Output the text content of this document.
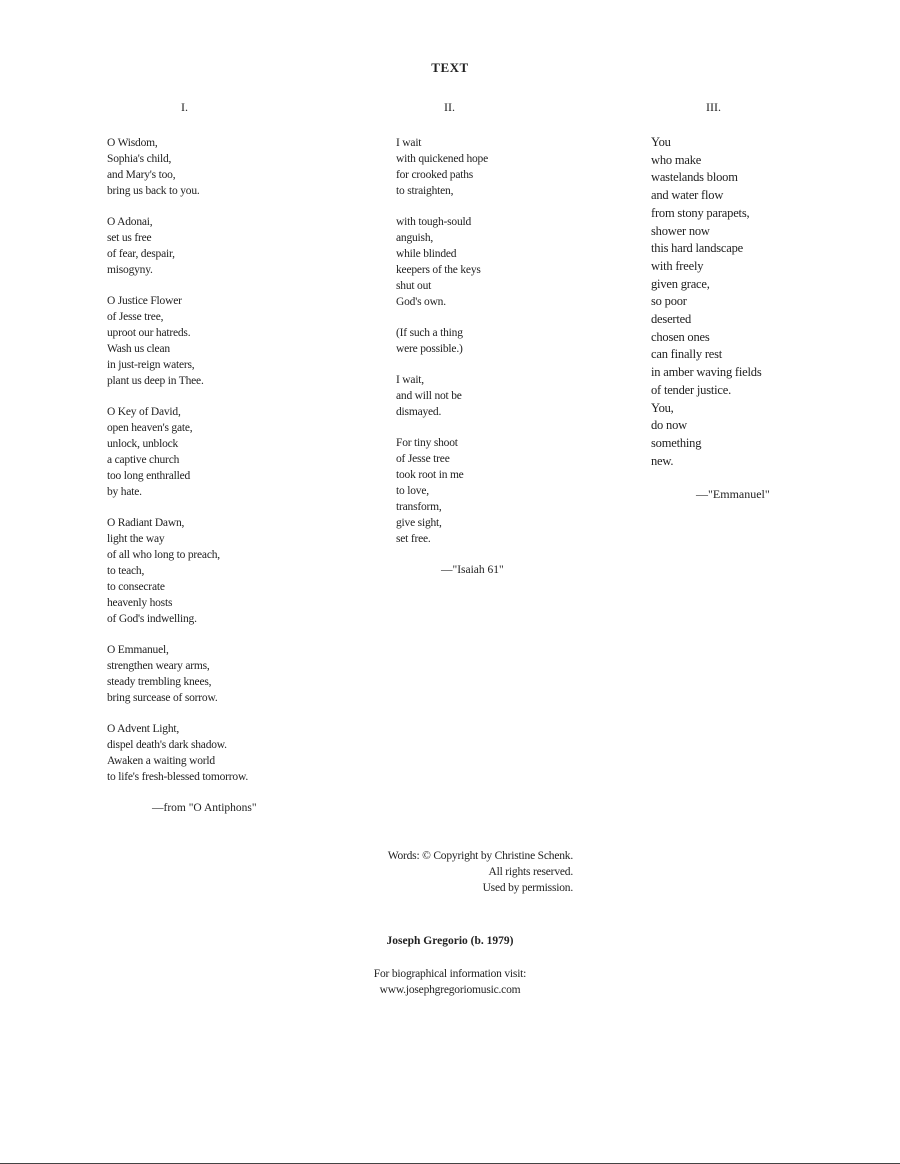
TEXT
I.
O Wisdom,
Sophia's child,
and Mary's too,
bring us back to you.
O Adonai,
set us free
of fear, despair,
misogyny.
O Justice Flower
of Jesse tree,
uproot our hatreds.
Wash us clean
in just-reign waters,
plant us deep in Thee.
O Key of David,
open heaven's gate,
unlock, unblock
a captive church
too long enthralled
by hate.
O Radiant Dawn,
light the way
of all who long to preach,
to teach,
to consecrate
heavenly hosts
of God's indwelling.
O Emmanuel,
strengthen weary arms,
steady trembling knees,
bring surcease of sorrow.
O Advent Light,
dispel death's dark shadow.
Awaken a waiting world
to life's fresh-blessed tomorrow.
—from "O Antiphons"
II.
I wait
with quickened hope
for crooked paths
to straighten,
with tough-sould
anguish,
while blinded
keepers of the keys
shut out
God's own.
(If such a thing
were possible.)
I wait,
and will not be
dismayed.
For tiny shoot
of Jesse tree
took root in me
to love,
transform,
give sight,
set free.
—"Isaiah 61"
III.
You
who make
wastelands bloom
and water flow
from stony parapets,
shower now
this hard landscape
with freely
given grace,
so poor
deserted
chosen ones
can finally rest
in amber waving fields
of tender justice.
You,
do now
something
new.
—"Emmanuel"
Words: © Copyright by Christine Schenk.
All rights reserved.
Used by permission.
Joseph Gregorio (b. 1979)
For biographical information visit:
www.josephgregoriomusic.com
